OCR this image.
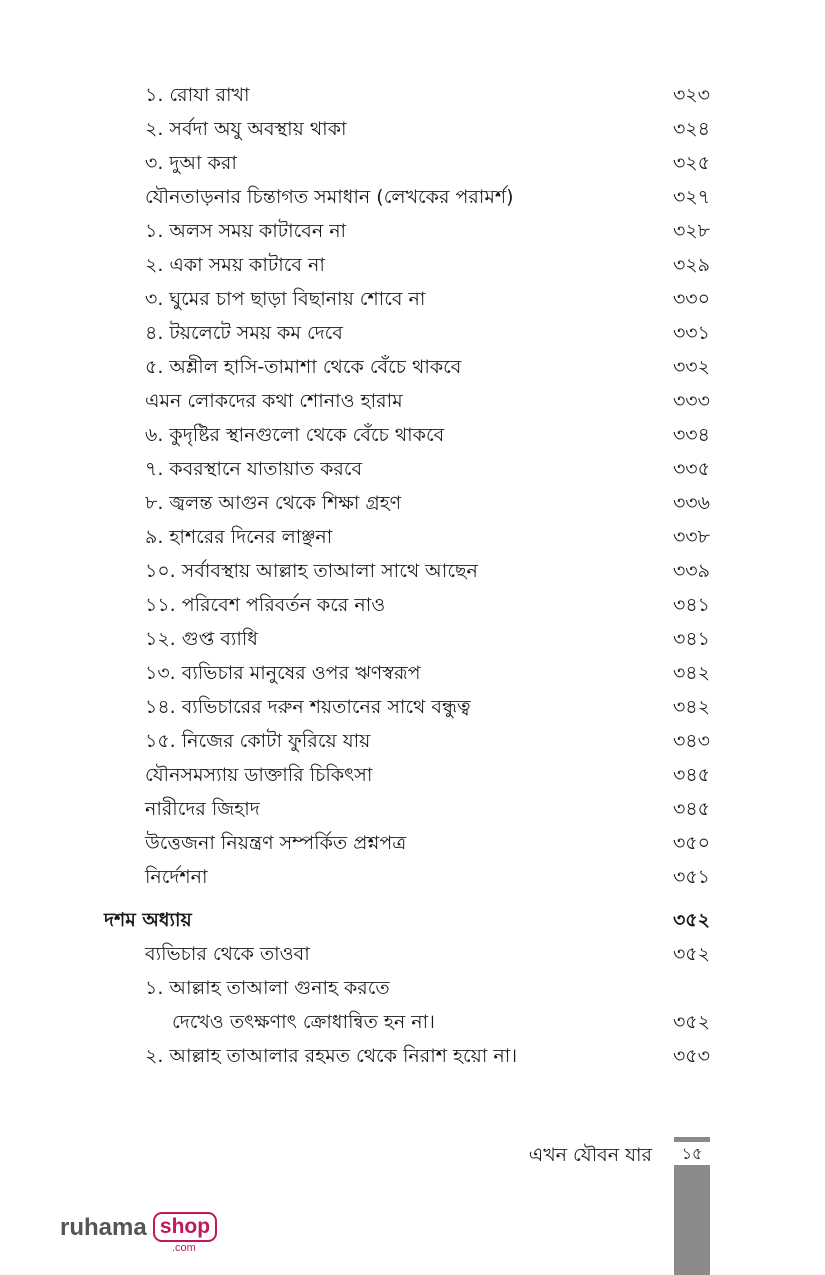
১. রোযা রাখা	৩২৩
২. সর্বদা অযু অবস্থায় থাকা	৩২৪
৩. দুআ করা	৩২৫
যৌনতাড়নার চিন্তাগত সমাধান (লেখকের পরামর্শ)	৩২৭
১. অলস সময় কাটাবেন না	৩২৮
২. একা সময় কাটাবে না	৩২৯
৩. ঘুমের চাপ ছাড়া বিছানায় শোবে না	৩৩০
৪. টয়লেটে সময় কম দেবে	৩৩১
৫. অশ্লীল হাসি-তামাশা থেকে বেঁচে থাকবে	৩৩২
এমন লোকদের কথা শোনাও হারাম	৩৩৩
৬. কুদৃষ্টির স্থানগুলো থেকে বেঁচে থাকবে	৩৩৪
৭. কবরস্থানে যাতায়াত করবে	৩৩৫
৮. জ্বলন্ত আগুন থেকে শিক্ষা গ্রহণ	৩৩৬
৯. হাশরের দিনের লাঞ্ছনা	৩৩৮
১০. সর্বাবস্থায় আল্লাহ তাআলা সাথে আছেন	৩৩৯
১১. পরিবেশ পরিবর্তন করে নাও	৩৪১
১২. গুপ্ত ব্যাধি	৩৪১
১৩. ব্যভিচার মানুষের ওপর ঋণস্বরূপ	৩৪২
১৪. ব্যভিচারের দরুন শয়তানের সাথে বন্ধুত্ব	৩৪২
১৫. নিজের কোটা ফুরিয়ে যায়	৩৪৩
যৌনসমস্যায় ডাক্তারি চিকিৎসা	৩৪৫
নারীদের জিহাদ	৩৪৫
উত্তেজনা নিয়ন্ত্রণ সম্পর্কিত প্রশ্নপত্র	৩৫০
নির্দেশনা	৩৫১
দশম অধ্যায়	৩৫২
ব্যভিচার থেকে তাওবা	৩৫২
১. আল্লাহ তাআলা গুনাহ করতে
দেখেও তৎক্ষণাৎ ক্রোধান্বিত হন না।	৩৫২
২. আল্লাহ তাআলার রহমত থেকে নিরাশ হয়ো না।	৩৫৩
এখন যৌবন যার	১৫
ruhama shop
.com
